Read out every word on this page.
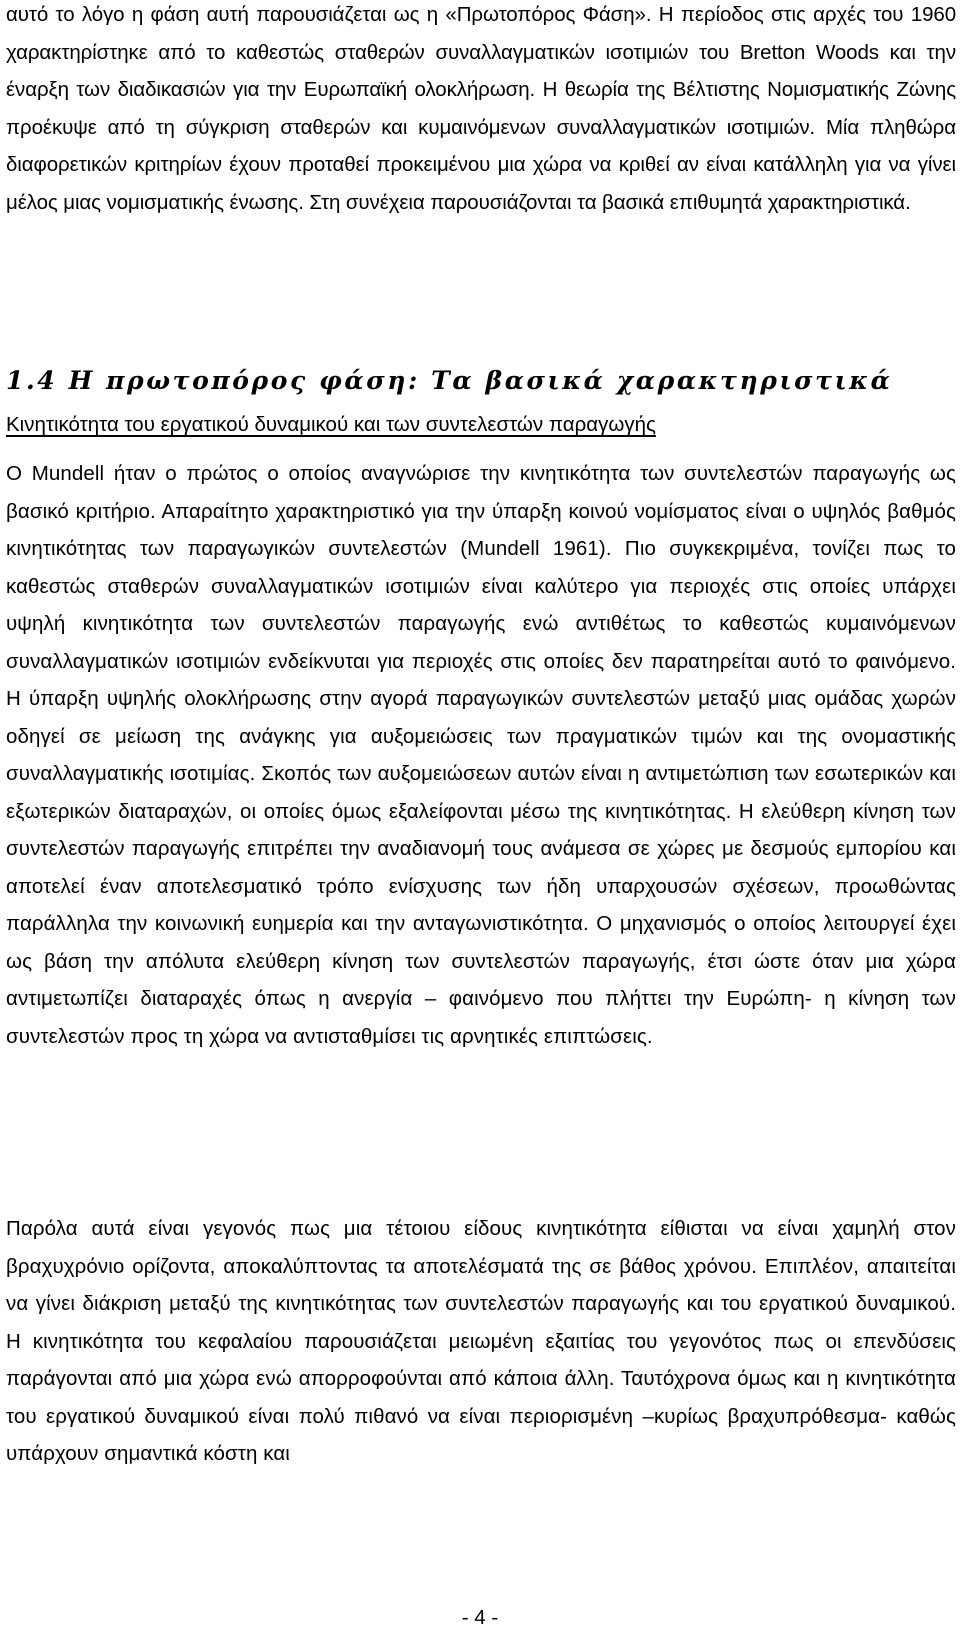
αυτό το λόγο η φάση αυτή παρουσιάζεται ως η «Πρωτοπόρος Φάση». Η περίοδος στις αρχές του 1960 χαρακτηρίστηκε από το καθεστώς σταθερών συναλλαγματικών ισοτιμιών του Bretton Woods και την έναρξη των διαδικασιών για την Ευρωπαϊκή ολοκλήρωση. Η θεωρία της Βέλτιστης Νομισματικής Ζώνης προέκυψε από τη σύγκριση σταθερών και κυμαινόμενων συναλλαγματικών ισοτιμιών. Μία πληθώρα διαφορετικών κριτηρίων έχουν προταθεί προκειμένου μια χώρα να κριθεί αν είναι κατάλληλη για να γίνει μέλος μιας νομισματικής ένωσης. Στη συνέχεια παρουσιάζονται τα βασικά επιθυμητά χαρακτηριστικά.

1.4 Η πρωτοπόρος φάση: Τα βασικά χαρακτηριστικά

Κινητικότητα του εργατικού δυναμικού και των συντελεστών παραγωγής

Ο Mundell ήταν ο πρώτος ο οποίος αναγνώρισε την κινητικότητα των συντελεστών παραγωγής ως βασικό κριτήριο. Απαραίτητο χαρακτηριστικό για την ύπαρξη κοινού νομίσματος είναι ο υψηλός βαθμός κινητικότητας των παραγωγικών συντελεστών (Mundell 1961). Πιο συγκεκριμένα, τονίζει πως το καθεστώς σταθερών συναλλαγματικών ισοτιμιών είναι καλύτερο για περιοχές στις οποίες υπάρχει υψηλή κινητικότητα των συντελεστών παραγωγής ενώ αντιθέτως το καθεστώς κυμαινόμενων συναλλαγματικών ισοτιμιών ενδείκνυται για περιοχές στις οποίες δεν παρατηρείται αυτό το φαινόμενο. Η ύπαρξη υψηλής ολοκλήρωσης στην αγορά παραγωγικών συντελεστών μεταξύ μιας ομάδας χωρών οδηγεί σε μείωση της ανάγκης για αυξομειώσεις των πραγματικών τιμών και της ονομαστικής συναλλαγματικής ισοτιμίας. Σκοπός των αυξομειώσεων αυτών είναι η αντιμετώπιση των εσωτερικών και εξωτερικών διαταραχών, οι οποίες όμως εξαλείφονται μέσω της κινητικότητας. Η ελεύθερη κίνηση των συντελεστών παραγωγής επιτρέπει την αναδιανομή τους ανάμεσα σε χώρες με δεσμούς εμπορίου και αποτελεί έναν αποτελεσματικό τρόπο ενίσχυσης των ήδη υπαρχουσών σχέσεων, προωθώντας παράλληλα την κοινωνική ευημερία και την ανταγωνιστικότητα. Ο μηχανισμός ο οποίος λειτουργεί έχει ως βάση την απόλυτα ελεύθερη κίνηση των συντελεστών παραγωγής, έτσι ώστε όταν μια χώρα αντιμετωπίζει διαταραχές όπως η ανεργία – φαινόμενο που πλήττει την Ευρώπη- η κίνηση των συντελεστών προς τη χώρα να αντισταθμίσει τις αρνητικές επιπτώσεις.

Παρόλα αυτά είναι γεγονός πως μια τέτοιου είδους κινητικότητα είθισται να είναι χαμηλή στον βραχυχρόνιο ορίζοντα, αποκαλύπτοντας τα αποτελέσματά της σε βάθος χρόνου. Επιπλέον, απαιτείται να γίνει διάκριση μεταξύ της κινητικότητας των συντελεστών παραγωγής και του εργατικού δυναμικού. Η κινητικότητα του κεφαλαίου παρουσιάζεται μειωμένη εξαιτίας του γεγονότος πως οι επενδύσεις παράγονται από μια χώρα ενώ απορροφούνται από κάποια άλλη. Ταυτόχρονα όμως και η κινητικότητα του εργατικού δυναμικού είναι πολύ πιθανό να είναι περιορισμένη –κυρίως βραχυπρόθεσμα- καθώς υπάρχουν σημαντικά κόστη και

- 4 -
